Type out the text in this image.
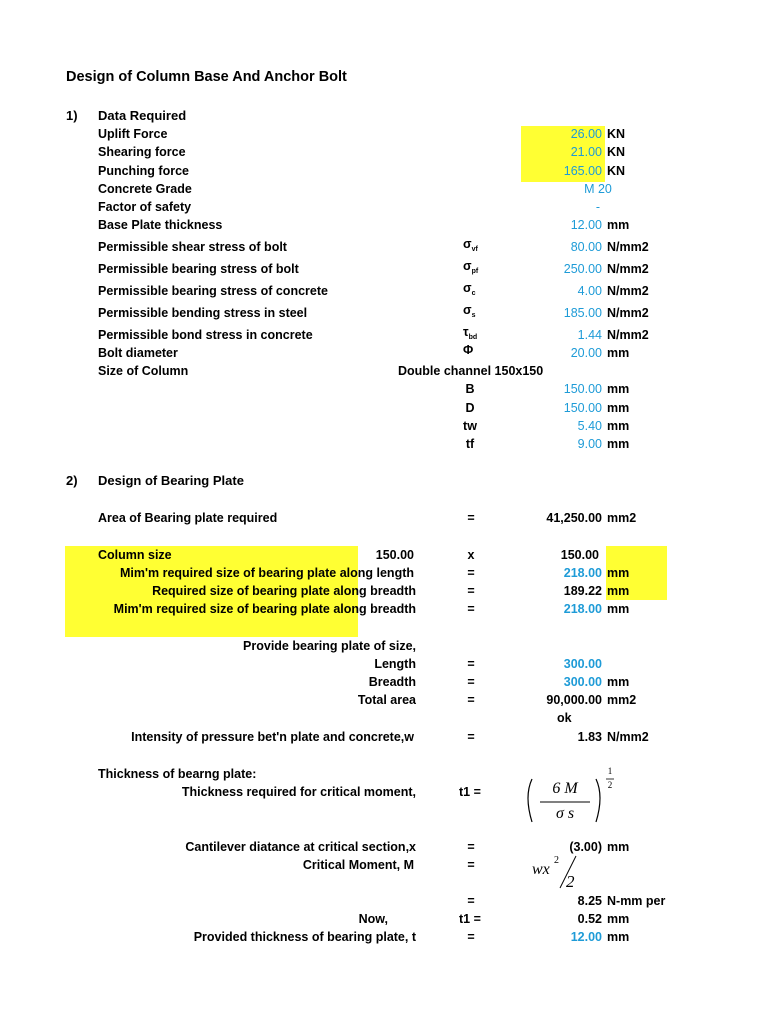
Design of Column Base And Anchor Bolt
1) Data Required
Uplift Force	26.00 KN
Shearing force	21.00 KN
Punching force	165.00 KN
Concrete Grade	M 20
Factor of safety	-
Base Plate thickness	12.00 mm
Permissible shear stress of bolt	$\sigma_{vf}$	80.00 N/mm2
Permissible bearing stress of bolt	$\sigma_{pf}$	250.00 N/mm2
Permissible bearing stress of concrete	$\sigma_c$	4.00 N/mm2
Permissible bending stress in steel	$\sigma_s$	185.00 N/mm2
Permissible bond stress in concrete	$\tau_{bd}$	1.44 N/mm2
Bolt diameter	Φ	20.00 mm
Size of Column	Double channel 150x150
B	150.00 mm
D	150.00 mm
tw	5.40 mm
tf	9.00 mm
2) Design of Bearing Plate
Area of Bearing plate required	=	41,250.00 mm2
Column size	150.00	x	150.00
Mim'm required size of bearing plate along length	=	218.00 mm
Required size of bearing plate along breadth	=	189.22 mm
Mim'm required size of bearing plate along breadth	=	218.00 mm
Provide bearing plate of size,
Length	=	300.00
Breadth	=	300.00 mm
Total area	=	90,000.00 mm2
ok
Intensity of pressure bet'n plate and concrete,w	=	1.83 N/mm2
Thickness of bearng plate:
Thickness required for critical moment,	t1 =	6 M
σ s
1
2
Cantilever diatance at critical section,x	=	(3.00) mm
Critical Moment, M	=	wx
2
2
=	8.25 N-mm per
Now,	t1 =	0.52 mm
Provided thickness of bearing plate, t	=	12.00 mm
